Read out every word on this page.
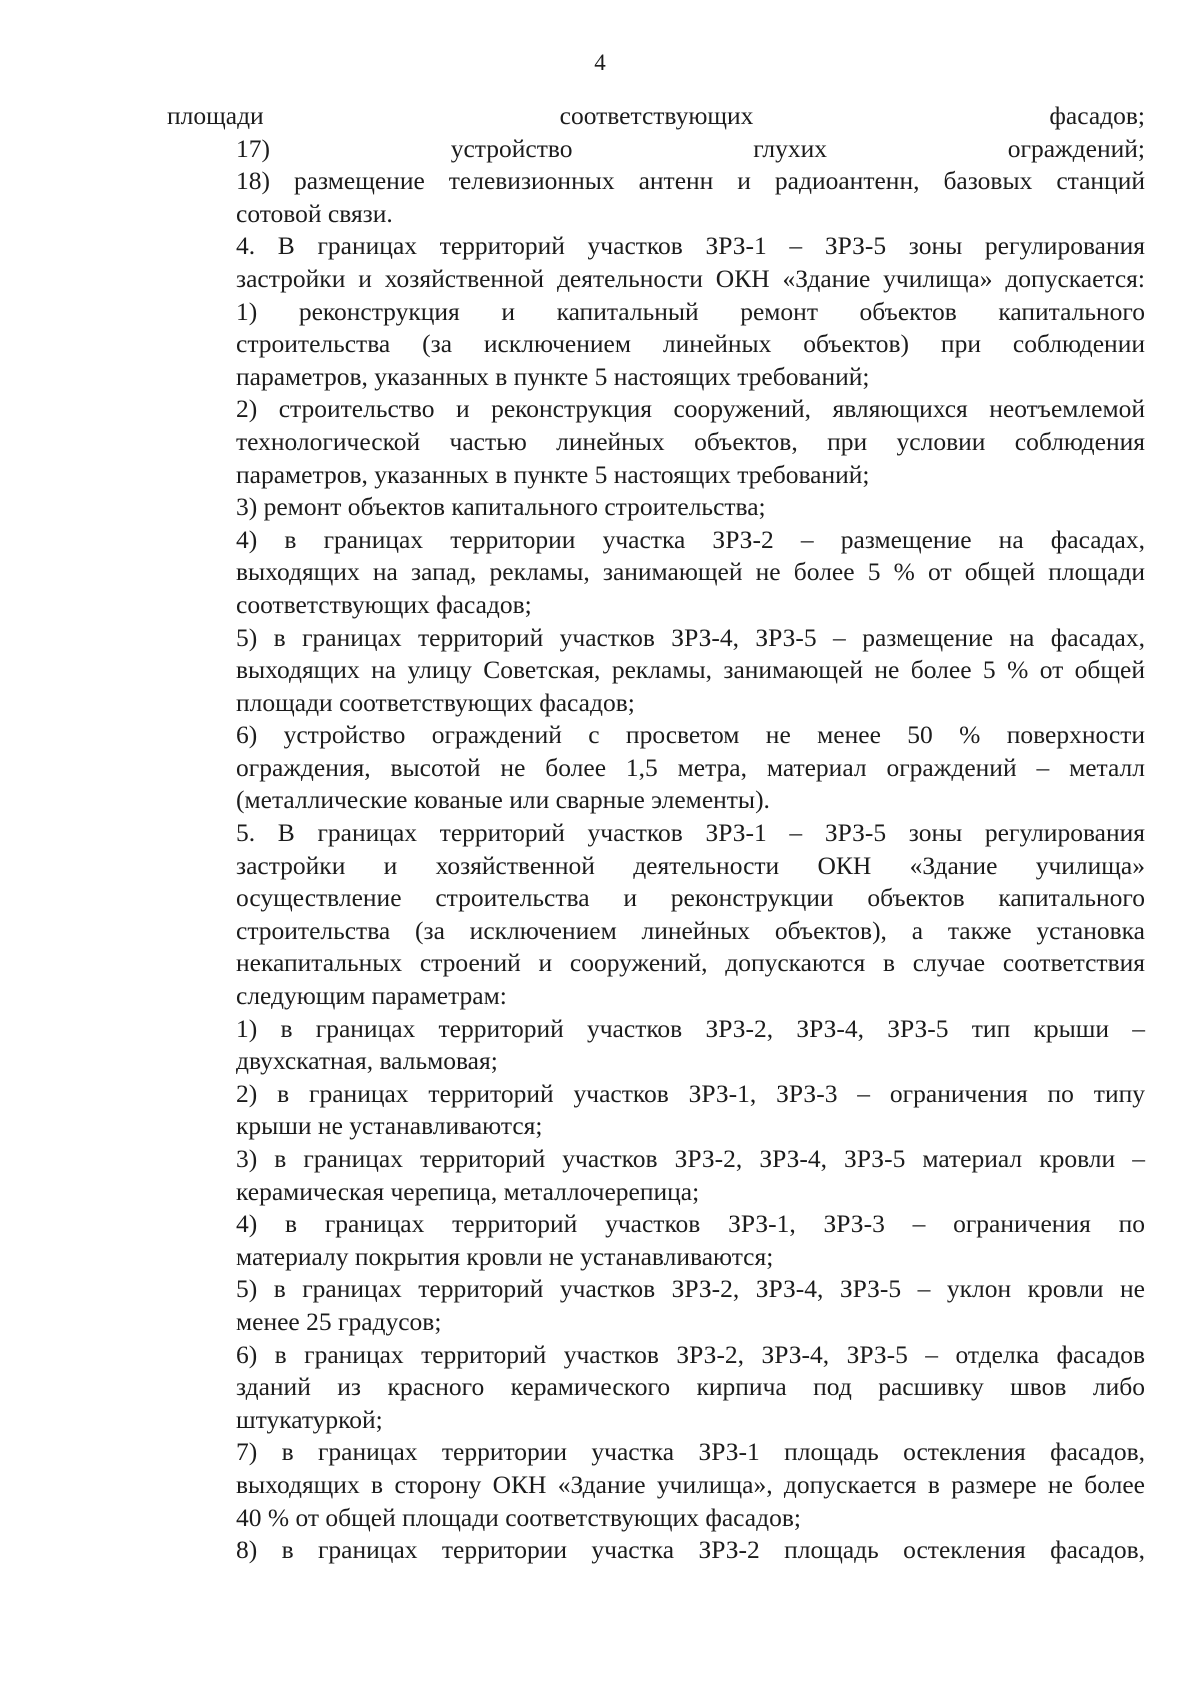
4

площади соответствующих фасадов;

17) устройство глухих ограждений;

18) размещение телевизионных антенн и радиоантенн, базовых станций
сотовой связи.

4. В границах территорий участков ЗРЗ-1 – ЗРЗ-5 зоны регулирования
застройки и хозяйственной деятельности ОКН «Здание училища» допускается:

1) реконструкция и капитальный ремонт объектов капитального
строительства (за исключением линейных объектов) при соблюдении
параметров, указанных в пункте 5 настоящих требований;

2) строительство и реконструкция сооружений, являющихся неотъемлемой
технологической частью линейных объектов, при условии соблюдения
параметров, указанных в пункте 5 настоящих требований;

3) ремонт объектов капитального строительства;

4) в границах территории участка ЗРЗ-2 – размещение на фасадах,
выходящих на запад, рекламы, занимающей не более 5 % от общей площади
соответствующих фасадов;

5) в границах территорий участков ЗРЗ-4, ЗРЗ-5 – размещение на фасадах,
выходящих на улицу Советская, рекламы, занимающей не более 5 % от общей
площади соответствующих фасадов;

6) устройство ограждений с просветом не менее 50 % поверхности
ограждения, высотой не более 1,5 метра, материал ограждений – металл
(металлические кованые или сварные элементы).

5. В границах территорий участков ЗРЗ-1 – ЗРЗ-5 зоны регулирования
застройки и хозяйственной деятельности ОКН «Здание училища»
осуществление строительства и реконструкции объектов капитального
строительства (за исключением линейных объектов), а также установка
некапитальных строений и сооружений, допускаются в случае соответствия
следующим параметрам:

1) в границах территорий участков ЗРЗ-2, ЗРЗ-4, ЗРЗ-5 тип крыши –
двухскатная, вальмовая;

2) в границах территорий участков ЗРЗ-1, ЗРЗ-3 – ограничения по типу
крыши не устанавливаются;

3) в границах территорий участков ЗРЗ-2, ЗРЗ-4, ЗРЗ-5 материал кровли –
керамическая черепица, металлочерепица;

4) в границах территорий участков ЗРЗ-1, ЗРЗ-3 – ограничения по
материалу покрытия кровли не устанавливаются;

5) в границах территорий участков ЗРЗ-2, ЗРЗ-4, ЗРЗ-5 – уклон кровли не
менее 25 градусов;

6) в границах территорий участков ЗРЗ-2, ЗРЗ-4, ЗРЗ-5 – отделка фасадов
зданий из красного керамического кирпича под расшивку швов либо
штукатуркой;

7) в границах территории участка ЗРЗ-1 площадь остекления фасадов,
выходящих в сторону ОКН «Здание училища», допускается в размере не более
40 % от общей площади соответствующих фасадов;

8) в границах территории участка ЗРЗ-2 площадь остекления фасадов,
